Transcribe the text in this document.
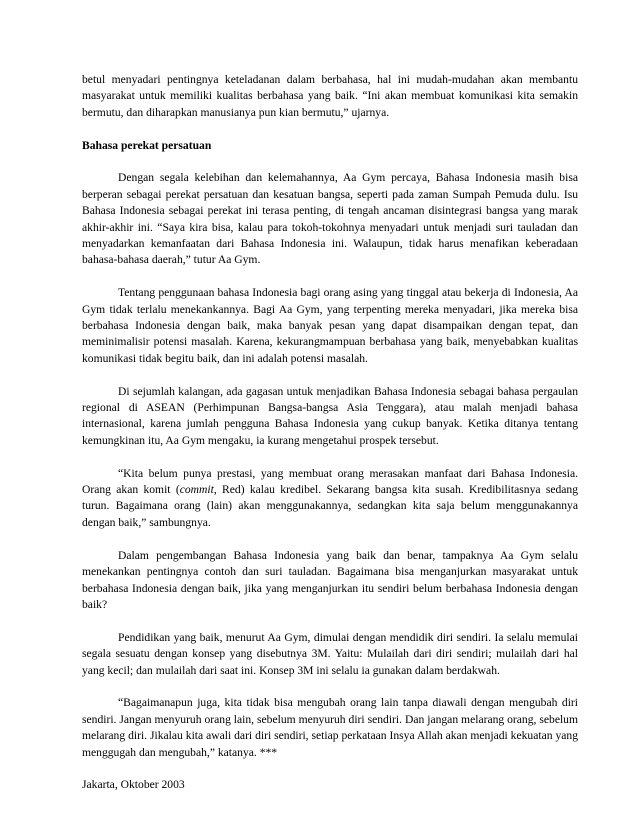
betul menyadari pentingnya keteladanan dalam berbahasa, hal ini mudah-mudahan akan membantu masyarakat untuk memiliki kualitas berbahasa yang baik. “Ini akan membuat komunikasi kita semakin bermutu, dan diharapkan manusianya pun kian bermutu,” ujarnya.

Bahasa perekat persatuan

Dengan segala kelebihan dan kelemahannya, Aa Gym percaya, Bahasa Indonesia masih bisa berperan sebagai perekat persatuan dan kesatuan bangsa, seperti pada zaman Sumpah Pemuda dulu. Isu Bahasa Indonesia sebagai perekat ini terasa penting, di tengah ancaman disintegrasi bangsa yang marak akhir-akhir ini. “Saya kira bisa, kalau para tokoh-tokohnya menyadari untuk menjadi suri tauladan dan menyadarkan kemanfaatan dari Bahasa Indonesia ini. Walaupun, tidak harus menafikan keberadaan bahasa-bahasa daerah,” tutur Aa Gym.

Tentang penggunaan bahasa Indonesia bagi orang asing yang tinggal atau bekerja di Indonesia, Aa Gym tidak terlalu menekankannya. Bagi Aa Gym, yang terpenting mereka menyadari, jika mereka bisa berbahasa Indonesia dengan baik, maka banyak pesan yang dapat disampaikan dengan tepat, dan meminimalisir potensi masalah. Karena, kekurangmampuan berbahasa yang baik, menyebabkan kualitas komunikasi tidak begitu baik, dan ini adalah potensi masalah.

Di sejumlah kalangan, ada gagasan untuk menjadikan Bahasa Indonesia sebagai bahasa pergaulan regional di ASEAN (Perhimpunan Bangsa-bangsa Asia Tenggara), atau malah menjadi bahasa internasional, karena jumlah pengguna Bahasa Indonesia yang cukup banyak. Ketika ditanya tentang kemungkinan itu, Aa Gym mengaku, ia kurang mengetahui prospek tersebut.

“Kita belum punya prestasi, yang membuat orang merasakan manfaat dari Bahasa Indonesia. Orang akan komit (commit, Red) kalau kredibel. Sekarang bangsa kita susah. Kredibilitasnya sedang turun. Bagaimana orang (lain) akan menggunakannya, sedangkan kita saja belum menggunakannya dengan baik,” sambungnya.

Dalam pengembangan Bahasa Indonesia yang baik dan benar, tampaknya Aa Gym selalu menekankan pentingnya contoh dan suri tauladan. Bagaimana bisa menganjurkan masyarakat untuk berbahasa Indonesia dengan baik, jika yang menganjurkan itu sendiri belum berbahasa Indonesia dengan baik?

Pendidikan yang baik, menurut Aa Gym, dimulai dengan mendidik diri sendiri. Ia selalu memulai segala sesuatu dengan konsep yang disebutnya 3M. Yaitu: Mulailah dari diri sendiri; mulailah dari hal yang kecil; dan mulailah dari saat ini. Konsep 3M ini selalu ia gunakan dalam berdakwah.

“Bagaimanapun juga, kita tidak bisa mengubah orang lain tanpa diawali dengan mengubah diri sendiri. Jangan menyuruh orang lain, sebelum menyuruh diri sendiri. Dan jangan melarang orang, sebelum melarang diri. Jikalau kita awali dari diri sendiri, setiap perkataan Insya Allah akan menjadi kekuatan yang menggugah dan mengubah,” katanya. ***

Jakarta, Oktober 2003
